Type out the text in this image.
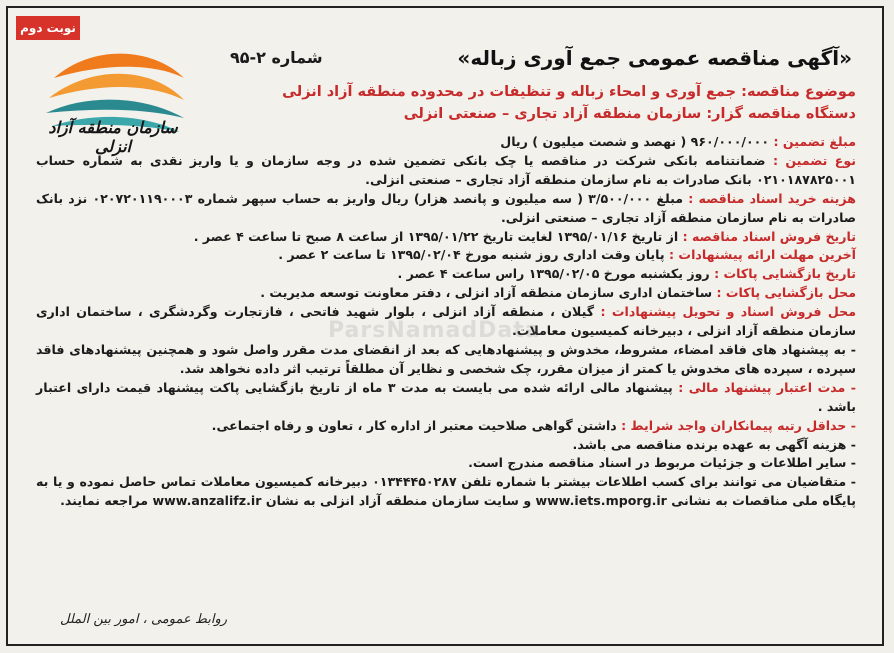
نوبت دوم
سازمان منطقه آزاد انزلی
شماره ۲-۹۵	«آگهی مناقصه عمومی جمع آوری زباله»
موضوع مناقصه: جمع آوری و امحاء زباله و تنظیفات در محدوده منطقه آزاد انزلی
دستگاه مناقصه گزار: سازمان منطقه آزاد تجاری – صنعتی انزلی

مبلغ تضمین : ۹۶۰/۰۰۰/۰۰۰ ( نهصد و شصت میلیون ) ریال

نوع تضمین : ضمانتنامه بانکی شرکت در مناقصه یا چک بانکی تضمین شده در وجه سازمان و یا واریز نقدی به شماره حساب ۰۲۱۰۱۸۷۸۲۵۰۰۱ بانک صادرات به نام سازمان منطقه آزاد تجاری – صنعتی انزلی.

هزینه خرید اسناد مناقصه : مبلغ ۳/۵۰۰/۰۰۰ ( سه میلیون و پانصد هزار) ریال واریز به حساب سپهر شماره ۰۲۰۷۲۰۱۱۹۰۰۰۳ نزد بانک صادرات به نام سازمان منطقه آزاد تجاری – صنعتی انزلی.

تاریخ فروش اسناد مناقصه : از تاریخ ۱۳۹۵/۰۱/۱۶ لغایت تاریخ ۱۳۹۵/۰۱/۲۲ از ساعت ۸ صبح تا ساعت ۴ عصر .

آخرین مهلت ارائه پیشنهادات : پایان وقت اداری روز شنبه مورخ ۱۳۹۵/۰۲/۰۴ تا ساعت ۲ عصر .

تاریخ بازگشایی پاکات : روز یکشنبه مورخ ۱۳۹۵/۰۲/۰۵ راس ساعت ۴ عصر .

محل بازگشایی پاکات : ساختمان اداری سازمان منطقه آزاد انزلی ، دفتر معاونت توسعه مدیریت .

محل فروش اسناد و تحویل پیشنهادات : گیلان ، منطقه آزاد انزلی ، بلوار شهید فاتحی ، فازتجارت وگردشگری ، ساختمان اداری سازمان منطقه آزاد انزلی ، دبیرخانه کمیسیون معاملات.

- به پیشنهاد های فاقد امضاء، مشروط، مخدوش و پیشنهادهایی که بعد از انقضای مدت مقرر واصل شود و همچنین پیشنهادهای فاقد سپرده ، سپرده های مخدوش یا کمتر از میزان مقرر، چک شخصی و نظایر آن مطلقاً ترتیب اثر داده نخواهد شد.

- مدت اعتبار پیشنهاد مالی : پیشنهاد مالی ارائه شده می بایست به مدت ۳ ماه از تاریخ بازگشایی پاکت پیشنهاد قیمت دارای اعتبار باشد .

- حداقل رتبه پیمانکاران واجد شرایط : داشتن گواهی صلاحیت معتبر از اداره کار ، تعاون و رفاه اجتماعی.

- هزینه آگهی به عهده برنده مناقصه می باشد.

- سایر اطلاعات و جزئیات مربوط در اسناد مناقصه مندرج است.

- متقاضیان می توانند برای کسب اطلاعات بیشتر با شماره تلفن ۰۱۳۴۴۴۵۰۲۸۷ دبیرخانه کمیسیون معاملات تماس حاصل نموده و یا به پایگاه ملی مناقصات به نشانی www.iets.mporg.ir و سایت سازمان منطقه آزاد انزلی به نشان www.anzalifz.ir مراجعه نمایند.

ParsNamadData
روابط عمومی ، امور بین الملل
